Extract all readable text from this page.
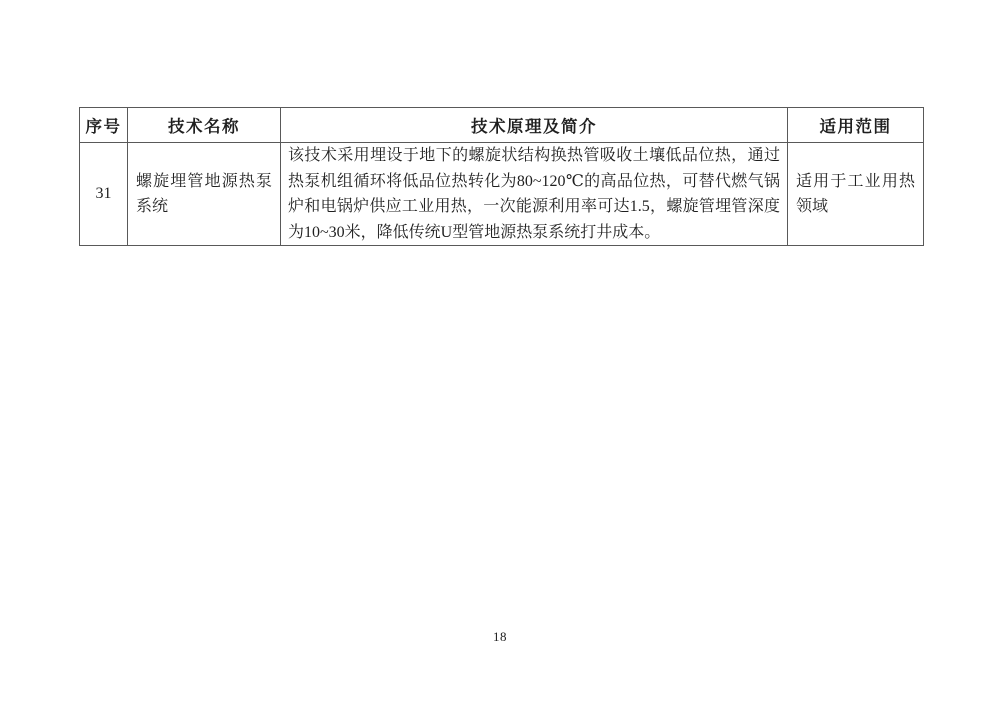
序号	技术名称	技术原理及简介	适用范围
31	螺旋埋管地源热泵系统	该技术采用埋设于地下的螺旋状结构换热管吸收土壤低品位热，通过热泵机组循环将低品位热转化为80~120℃的高品位热，可替代燃气锅炉和电锅炉供应工业用热，一次能源利用率可达1.5，螺旋管埋管深度为10~30米，降低传统U型管地源热泵系统打井成本。	适用于工业用热领域
18
